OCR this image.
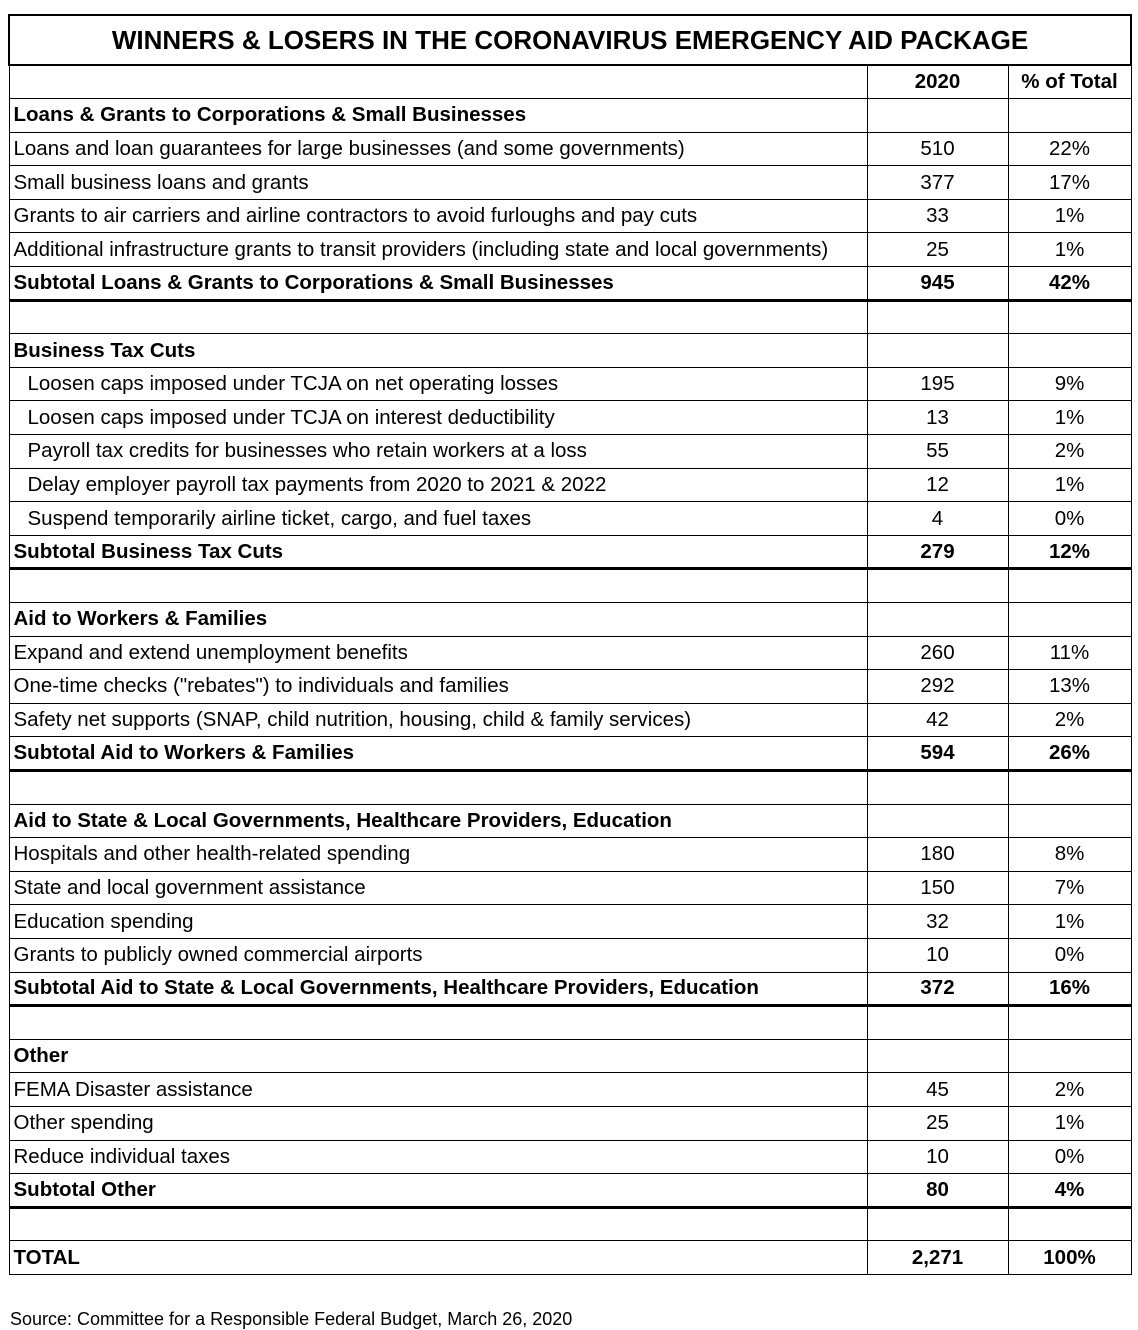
WINNERS & LOSERS IN THE CORONAVIRUS EMERGENCY AID PACKAGE		
	2020	% of Total
Loans & Grants to Corporations & Small Businesses		
Loans and loan guarantees for large businesses (and some governments)	510	22%
Small business loans and grants	377	17%
Grants to air carriers and airline contractors to avoid furloughs and pay cuts	33	1%
Additional infrastructure grants to transit providers (including state and local governments)	25	1%
Subtotal Loans & Grants to Corporations & Small Businesses	945	42%

Business Tax Cuts		
Loosen caps imposed under TCJA on net operating losses	195	9%
Loosen caps imposed under TCJA on interest deductibility	13	1%
Payroll tax credits for businesses who retain workers at a loss	55	2%
Delay employer payroll tax payments from 2020 to 2021 & 2022	12	1%
Suspend temporarily airline ticket, cargo, and fuel taxes	4	0%
Subtotal Business Tax Cuts	279	12%

Aid to Workers & Families		
Expand and extend unemployment benefits	260	11%
One-time checks ("rebates") to individuals and families	292	13%
Safety net supports (SNAP, child nutrition, housing, child & family services)	42	2%
Subtotal Aid to Workers & Families	594	26%

Aid to State & Local Governments, Healthcare Providers, Education		
Hospitals and other health-related spending	180	8%
State and local government assistance	150	7%
Education spending	32	1%
Grants to publicly owned commercial airports	10	0%
Subtotal Aid to State & Local Governments, Healthcare Providers, Education	372	16%

Other		
FEMA Disaster assistance	45	2%
Other spending	25	1%
Reduce individual taxes	10	0%
Subtotal Other	80	4%

TOTAL	2,271	100%
Source: Committee for a Responsible Federal Budget, March 26, 2020
